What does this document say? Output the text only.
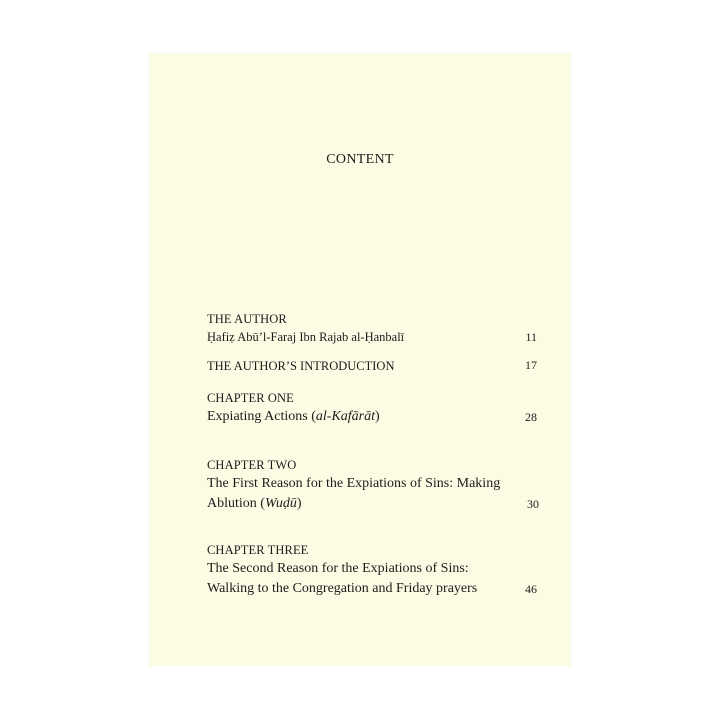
CONTENT
THE AUTHOR
Ḥafiẓ Abū’l-Faraj Ibn Rajab al-Ḥanbalī	11
THE AUTHOR’S INTRODUCTION	17
CHAPTER ONE
Expiating Actions (al-Kafārāt)	28
CHAPTER TWO
The First Reason for the Expiations of Sins: Making
Ablution (Wuḍū)	30
CHAPTER THREE
The Second Reason for the Expiations of Sins:
Walking to the Congregation and Friday prayers	46
